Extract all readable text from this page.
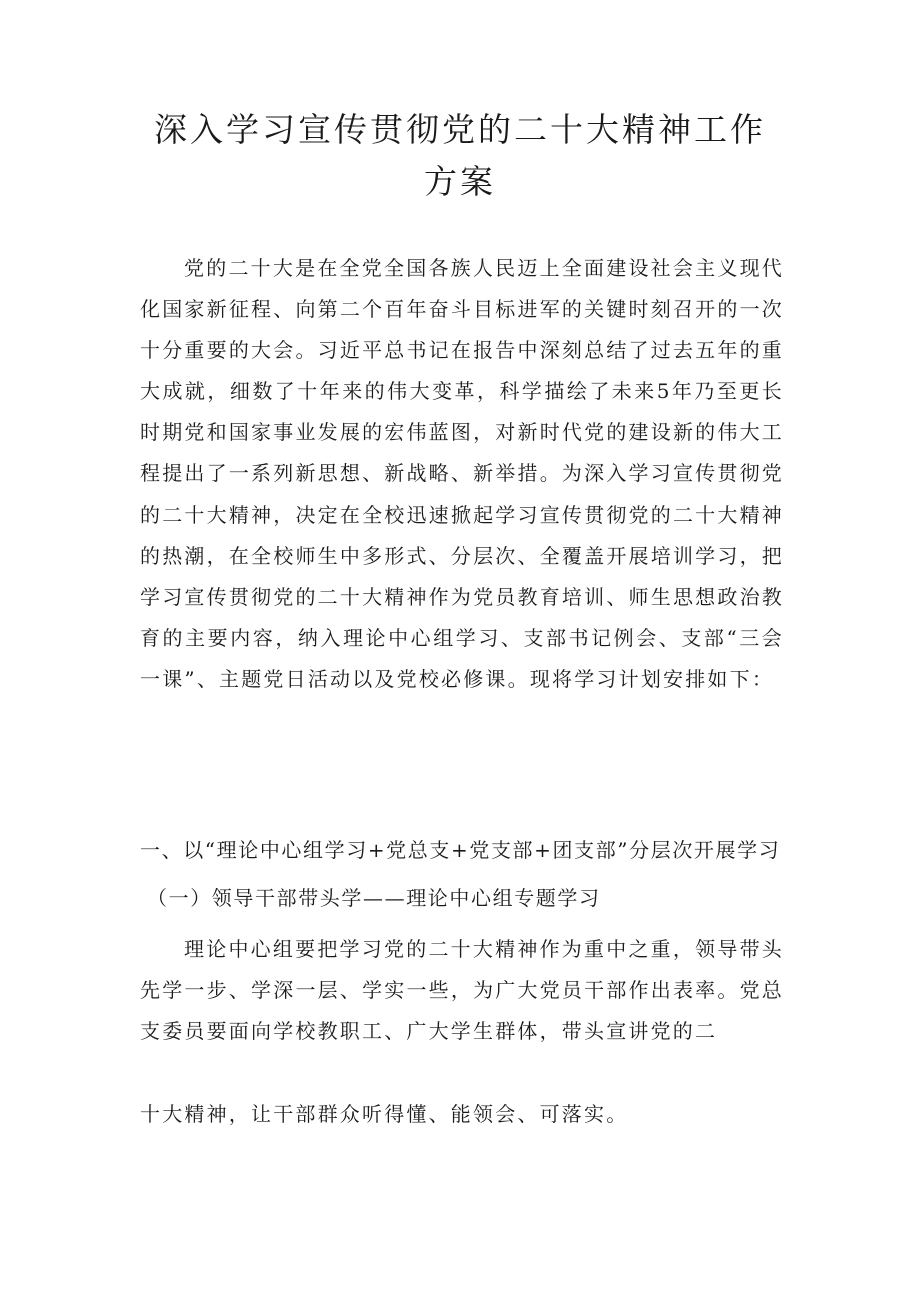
深入学习宣传贯彻党的二十大精神工作方案

党的二十大是在全党全国各族人民迈上全面建设社会主义现代化国家新征程、向第二个百年奋斗目标进军的关键时刻召开的一次十分重要的大会。习近平总书记在报告中深刻总结了过去五年的重大成就，细数了十年来的伟大变革，科学描绘了未来5年乃至更长时期党和国家事业发展的宏伟蓝图，对新时代党的建设新的伟大工程提出了一系列新思想、新战略、新举措。为深入学习宣传贯彻党的二十大精神，决定在全校迅速掀起学习宣传贯彻党的二十大精神的热潮，在全校师生中多形式、分层次、全覆盖开展培训学习，把学习宣传贯彻党的二十大精神作为党员教育培训、师生思想政治教育的主要内容，纳入理论中心组学习、支部书记例会、支部“三会一课”、主题党日活动以及党校必修课。现将学习计划安排如下：

一、以“理论中心组学习+党总支+党支部+团支部”分层次开展学习
（一）领导干部带头学——理论中心组专题学习

理论中心组要把学习党的二十大精神作为重中之重，领导带头先学一步、学深一层、学实一些，为广大党员干部作出表率。党总支委员要面向学校教职工、广大学生群体，带头宣讲党的二

十大精神，让干部群众听得懂、能领会、可落实。
